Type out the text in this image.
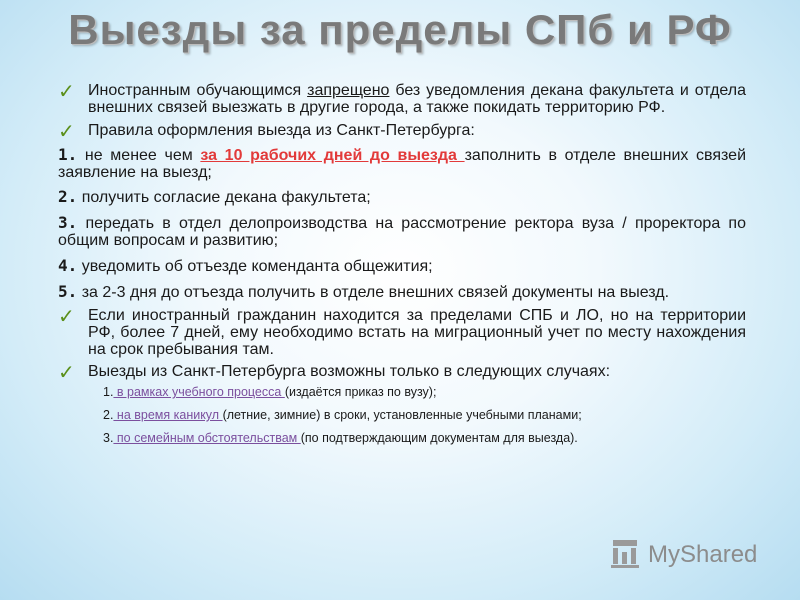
Выезды за пределы СПб и РФ
✓ Иностранным обучающимся запрещено без уведомления декана факультета и отдела внешних связей выезжать в другие города, а также покидать территорию РФ.
✓ Правила оформления выезда из Санкт-Петербурга:
1. не менее чем за 10 рабочих дней до выезда заполнить в отделе внешних связей заявление на выезд;
2. получить согласие декана факультета;
3. передать в отдел делопроизводства на рассмотрение ректора вуза / проректора по общим вопросам и развитию;
4. уведомить об отъезде коменданта общежития;
5. за 2-3 дня до отъезда получить в отделе внешних связей документы на выезд.
✓ Если иностранный гражданин находится за пределами СПБ и ЛО, но на территории РФ, более 7 дней, ему необходимо встать на миграционный учет по месту нахождения на срок пребывания там.
✓ Выезды из Санкт-Петербурга возможны только в следующих случаях:
1. в рамках учебного процесса (издаётся приказ по вузу);
2. на время каникул (летние, зимние) в сроки, установленные учебными планами;
3. по семейным обстоятельствам (по подтверждающим документам для выезда).
MyShared
